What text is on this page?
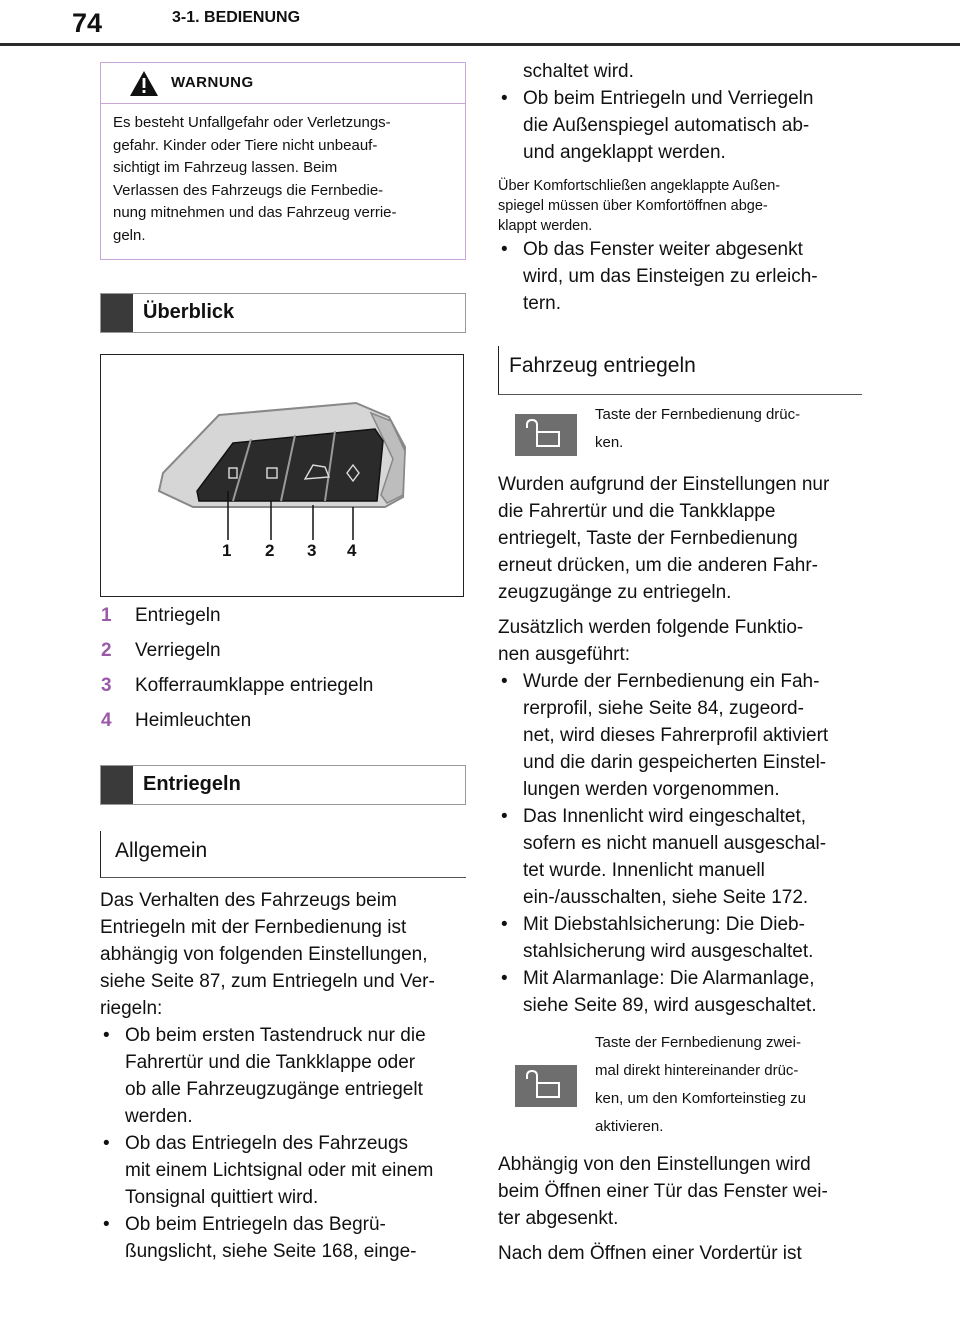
74	3-1. BEDIENUNG
WARNUNG
Es besteht Unfallgefahr oder Verletzungs-
gefahr. Kinder oder Tiere nicht unbeauf-
sichtigt im Fahrzeug lassen. Beim
Verlassen des Fahrzeugs die Fernbedie-
nung mitnehmen und das Fahrzeug verrie-
geln.
Überblick
1 2 3 4
1 Entriegeln
2 Verriegeln
3 Kofferraumklappe entriegeln
4 Heimleuchten
Entriegeln
Allgemein

Das Verhalten des Fahrzeugs beim
Entriegeln mit der Fernbedienung ist
abhängig von folgenden Einstellungen,
siehe Seite 87, zum Entriegeln und Ver-
riegeln:

• Ob beim ersten Tastendruck nur die
Fahrertür und die Tankklappe oder
ob alle Fahrzeugzugänge entriegelt
werden.
• Ob das Entriegeln des Fahrzeugs
mit einem Lichtsignal oder mit einem
Tonsignal quittiert wird.
• Ob beim Entriegeln das Begrü-
ßungslicht, siehe Seite 168, einge-
schaltet wird.
• Ob beim Entriegeln und Verriegeln
die Außenspiegel automatisch ab-
und angeklappt werden.
Über Komfortschließen angeklappte Außen-
spiegel müssen über Komfortöffnen abge-
klappt werden.
• Ob das Fenster weiter abgesenkt
wird, um das Einsteigen zu erleich-
tern.
Fahrzeug entriegeln
Taste der Fernbedienung drüc-
ken.

Wurden aufgrund der Einstellungen nur
die Fahrertür und die Tankklappe
entriegelt, Taste der Fernbedienung
erneut drücken, um die anderen Fahr-
zeugzugänge zu entriegeln.

Zusätzlich werden folgende Funktio-
nen ausgeführt:

• Wurde der Fernbedienung ein Fah-
rerprofil, siehe Seite 84, zugeord-
net, wird dieses Fahrerprofil aktiviert
und die darin gespeicherten Einstel-
lungen werden vorgenommen.
• Das Innenlicht wird eingeschaltet,
sofern es nicht manuell ausgeschal-
tet wurde. Innenlicht manuell
ein-/ausschalten, siehe Seite 172.
• Mit Diebstahlsicherung: Die Dieb-
stahlsicherung wird ausgeschaltet.
• Mit Alarmanlage: Die Alarmanlage,
siehe Seite 89, wird ausgeschaltet.
Taste der Fernbedienung zwei-
mal direkt hintereinander drüc-
ken, um den Komforteinstieg zu
aktivieren.

Abhängig von den Einstellungen wird
beim Öffnen einer Tür das Fenster wei-
ter abgesenkt.

Nach dem Öffnen einer Vordertür ist
